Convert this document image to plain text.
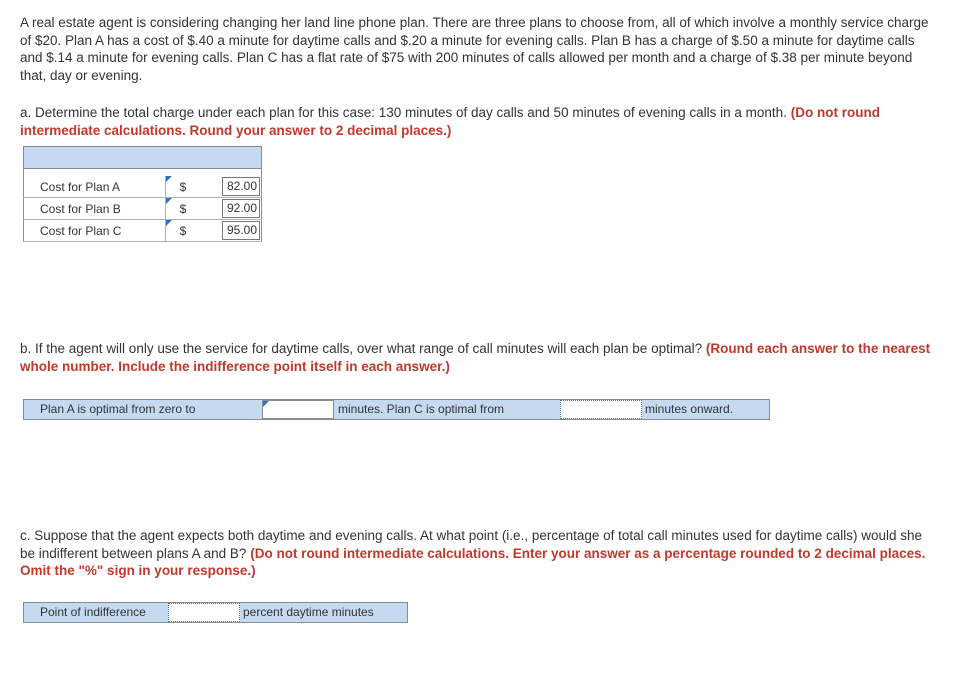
A real estate agent is considering changing her land line phone plan. There are three plans to choose from, all of which involve a monthly service charge of $20. Plan A has a cost of $.40 a minute for daytime calls and $.20 a minute for evening calls. Plan B has a charge of $.50 a minute for daytime calls and $.14 a minute for evening calls. Plan C has a flat rate of $75 with 200 minutes of calls allowed per month and a charge of $.38 per minute beyond that, day or evening.

a. Determine the total charge under each plan for this case: 130 minutes of day calls and 50 minutes of evening calls in a month. (Do not round intermediate calculations. Round your answer to 2 decimal places.)

Cost for Plan A	$	82.00	

Cost for Plan B	$	92.00	

Cost for Plan C	$	95.00	

b. If the agent will only use the service for daytime calls, over what range of call minutes will each plan be optimal? (Round each answer to the nearest whole number. Include the indifference point itself in each answer.)

Plan A is optimal from zero to	minutes. Plan C is optimal from	minutes onward.

c. Suppose that the agent expects both daytime and evening calls. At what point (i.e., percentage of total call minutes used for daytime calls) would she be indifferent between plans A and B? (Do not round intermediate calculations. Enter your answer as a percentage rounded to 2 decimal places. Omit the "%" sign in your response.)

Point of indifference	percent daytime minutes
